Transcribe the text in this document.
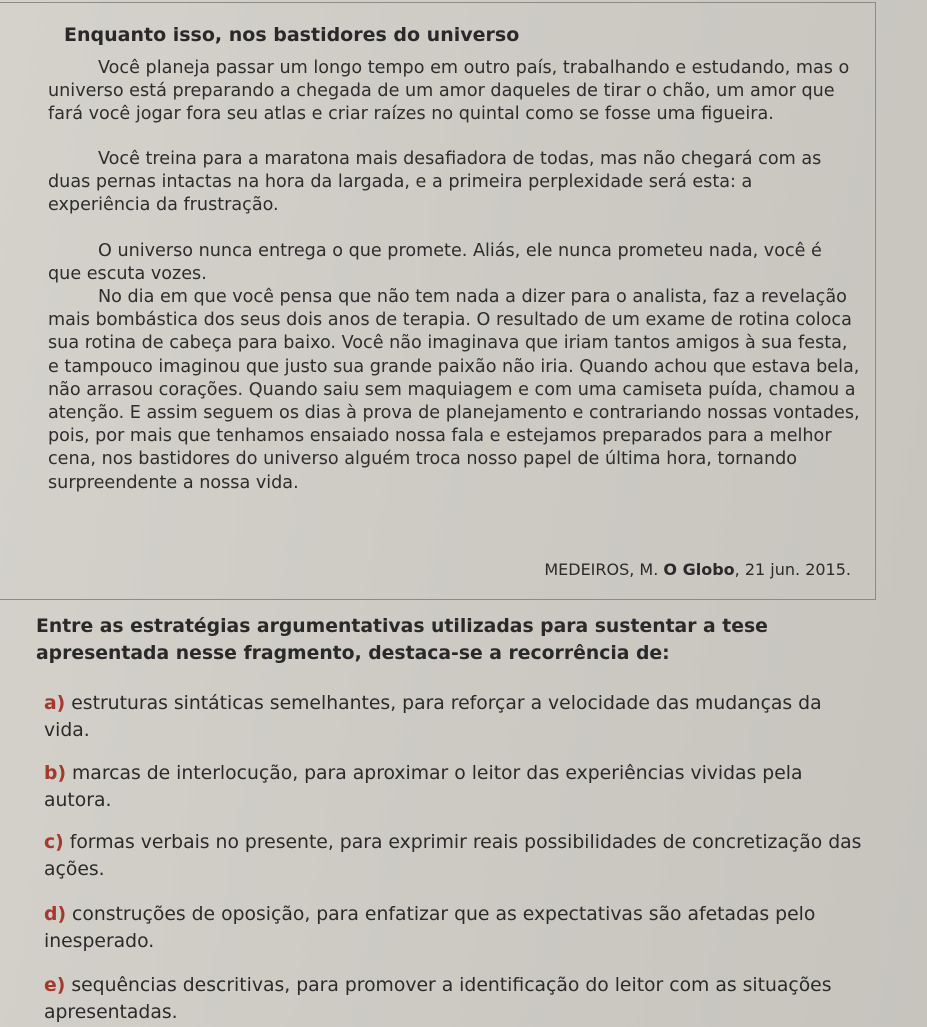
Enquanto isso, nos bastidores do universo

Você planeja passar um longo tempo em outro país, trabalhando e estudando, mas o universo está preparando a chegada de um amor daqueles de tirar o chão, um amor que fará você jogar fora seu atlas e criar raízes no quintal como se fosse uma figueira.

Você treina para a maratona mais desafiadora de todas, mas não chegará com as duas pernas intactas na hora da largada, e a primeira perplexidade será esta: a experiência da frustração.

O universo nunca entrega o que promete. Aliás, ele nunca prometeu nada, você é que escuta vozes.

No dia em que você pensa que não tem nada a dizer para o analista, faz a revelação mais bombástica dos seus dois anos de terapia. O resultado de um exame de rotina coloca sua rotina de cabeça para baixo. Você não imaginava que iriam tantos amigos à sua festa, e tampouco imaginou que justo sua grande paixão não iria. Quando achou que estava bela, não arrasou corações. Quando saiu sem maquiagem e com uma camiseta puída, chamou a atenção. E assim seguem os dias à prova de planejamento e contrariando nossas vontades, pois, por mais que tenhamos ensaiado nossa fala e estejamos preparados para a melhor cena, nos bastidores do universo alguém troca nosso papel de última hora, tornando surpreendente a nossa vida.

MEDEIROS, M. O Globo, 21 jun. 2015.

Entre as estratégias argumentativas utilizadas para sustentar a tese apresentada nesse fragmento, destaca-se a recorrência de:

a) estruturas sintáticas semelhantes, para reforçar a velocidade das mudanças da vida.

b) marcas de interlocução, para aproximar o leitor das experiências vividas pela autora.

c) formas verbais no presente, para exprimir reais possibilidades de concretização das ações.

d) construções de oposição, para enfatizar que as expectativas são afetadas pelo inesperado.

e) sequências descritivas, para promover a identificação do leitor com as situações apresentadas.
